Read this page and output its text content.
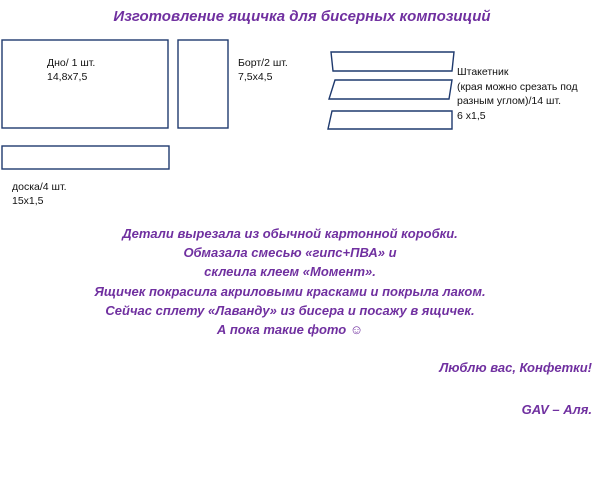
Изготовление ящичка для бисерных композиций
Дно/ 1 шт.
14,8х7,5
Борт/2 шт.
7,5х4,5	Штакетник
(края можно срезать под
разным углом)/14 шт.
6 х1,5
доска/4 шт.
15х1,5
Детали вырезала из обычной картонной коробки.
Обмазала смесью «гипс+ПВА» и
склеила клеем «Момент».
Ящичек покрасила акриловыми красками и покрыла лаком.
Сейчас сплету «Лаванду» из бисера и посажу в ящичек.
А пока такие фото ☺
Люблю вас, Конфетки!
GAV – Аля.
